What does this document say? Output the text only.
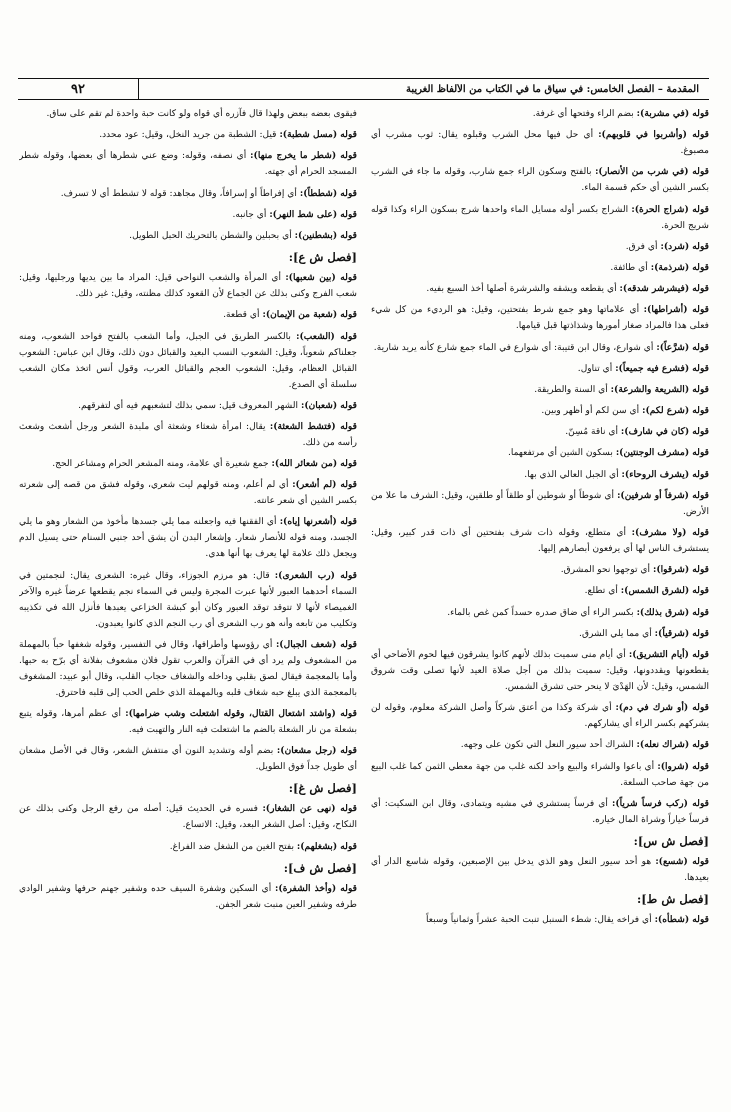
المقدمة – الفصل الخامس: في سياق ما في الكتاب من الألفاظ الغريبة
٩٢

قوله (في مشربة): بضم الراء وفتحها أي غرفة.

قوله (وأشربوا في قلوبهم): أي حل فيها محل الشرب وقبلوه يقال: ثوب مشرب أي مصبوغ.

قوله (في شرب من الأنصار): بالفتح وسكون الراء جمع شارب، وقوله ما جاء في الشرب بكسر الشين أي حكم قسمة الماء.

قوله (شراج الحرة): الشراج بكسر أوله مسايل الماء واحدها شرج بسكون الراء وكذا قوله شريج الحرة.

قوله (شرد): أي فرق.

قوله (شرذمة): أي طائفة.

قوله (فيشرشر شدقه): أي يقطعه ويشقه والشرشرة أصلها أخذ السبع بفيه.

قوله (أشراطها): أي علاماتها وهو جمع شرط بفتحتين، وقيل: هو الرديء من كل شيء فعلى هذا فالمراد صغار أمورها وشذاذتها قبل قيامها.

قوله (شرَّعاً): أي شوارع، وقال ابن قتيبة: أي شوارع في الماء جمع شارع كأنه يريد شارية.

قوله (فشرع فيه جميعاً): أي تناول.

قوله (الشريعة والشرعة): أي السنة والطريقة.

قوله (شرع لكم): أي سن لكم أو أظهر وبين.

قوله (كان في شارف): أي ناقة مُسِنّ.

قوله (مشرف الوجنتين): بسكون الشين أي مرتفعهما.

قوله (يشرف الروحاء): أي الجبل العالي الذي بها.

قوله (شرفاً أو شرفين): أي شوطاً أو شوطين أو طلقاً أو طلقين، وقيل: الشرف ما علا من الأرض.

قوله (ولا مشرف): أي متطلع، وقوله ذات شرف بفتحتين أي ذات قدر كبير، وقيل: يستشرف الناس لها أي يرفعون أبصارهم إليها.

قوله (شرقوا): أي توجهوا نحو المشرق.

قوله (لشرق الشمس): أي تطلع.

قوله (شرق بذلك): بكسر الراء أي ضاق صدره حسداً كمن غص بالماء.

قوله (شرقياً): أي مما يلي الشرق.

قوله (أيام التشريق): أي أيام منى سميت بذلك لأنهم كانوا يشرقون فيها لحوم الأضاحي أي يقطعونها ويقددونها، وقيل: سميت بذلك من أجل صلاة العيد لأنها تصلى وقت شروق الشمس، وقيل: لأن الهَدْيَ لا ينحر حتى تشرق الشمس.

قوله (أو شرك في دم): أي شركة وكذا من أعتق شركاً وأصل الشركة معلوم، وقوله لن يشركهم بكسر الراء أي يشاركهم.

قوله (شراك نعله): الشراك أحد سيور النعل التي تكون على وجهه.

قوله (شروا): أي باعوا والشراء والبيع واحد لكنه غلب من جهة معطي الثمن كما غلب البيع من جهة صاحب السلعة.

قوله (ركب فرساً شرياً): أي فرساً يستشري في مشيه ويتمادى، وقال ابن السكيت: أي فرساً خياراً وشراة المال خياره.

[فصل ش س]:

قوله (شسع): هو أحد سيور النعل وهو الذي يدخل بين الإصبعين، وقوله شاسع الدار أي بعيدها.

[فصل ش ط]:

قوله (شطأه): أي فراخه يقال: شطء السنبل تنبت الحبة عشراً وثمانياً وسبعاً

فيقوى بعضه ببعض ولهذا قال فآزره أي قواه ولو كانت حبة واحدة لم تقم على ساق.

قوله (مسل شطبة): قيل: الشطبة من جريد النخل، وقيل: عود محدد.

قوله (شطر ما يخرج منها): أي نصفه، وقوله: وضع عني شطرها أي بعضها، وقوله شطر المسجد الحرام أي جهته.

قوله (شططاً): أي إفراطاً أو إسرافاً، وقال مجاهد: قوله لا تشطط أي لا تسرف.

قوله (على شط النهر): أي جانبه.

قوله (بشطنين): أي بحبلين والشطن بالتحريك الحبل الطويل.

[فصل ش ع]:

قوله (بين شعبها): أي المرأة والشعب النواحي قيل: المراد ما بين يديها ورجليها، وقيل: شعب الفرج وكنى بذلك عن الجماع لأن القعود كذلك مظنته، وقيل: غير ذلك.

قوله (شعبة من الإيمان): أي قطعة.

قوله (الشعب): بالكسر الطريق في الجبل، وأما الشعب بالفتح فواحد الشعوب، ومنه جعلناكم شعوباً، وقيل: الشعوب النسب البعيد والقبائل دون ذلك، وقال ابن عباس: الشعوب القبائل العظام، وقيل: الشعوب العجم والقبائل العرب، وقول أنس اتخذ مكان الشعب سلسلة أي الصدع.

قوله (شعبان): الشهر المعروف قيل: سمي بذلك لتشعبهم فيه أي لتفرقهم.

قوله (فتشط الشعثة): يقال: امرأة شعثاء وشعثة أي ملبدة الشعر ورجل أشعث وشعث رأسه من ذلك.

قوله (من شعائر الله): جمع شعيرة أي علامة، ومنه المشعر الحرام ومشاعر الحج.

قوله (لم أشعر): أي لم أعلم، ومنه قولهم ليت شعري، وقوله فشق من قصه إلى شعرته بكسر الشين أي شعر عانته.

قوله (أشعرنها إياه): أي الفقنها فيه واجعلنه مما يلي جسدها مأخوذ من الشعار وهو ما يلي الجسد، ومنه قوله للأنصار شعار. وإشعار البدن أن يشق أحد جنبي السنام حتى يسيل الدم ويجعل ذلك علامة لها يعرف بها أنها هدي.

قوله (رب الشعرى): قال: هو مرزم الجوزاء، وقال غيره: الشعرى يقال: لنجمتين في السماء أحدهما العبور لأنها عبرت المجرة وليس في السماء نجم يقطعها عرضاً غيره والآخر الغميصاء لأنها لا تتوقد توقد العبور وكان أبو كبشة الخزاعي يعبدها فأنزل الله في تكذيبه وتكليب من تابعه وأنه هو رب الشعرى أي رب النجم الذي كانوا يعبدون.

قوله (شعف الجبال): أي رؤوسها وأطرافها، وقال في التفسير، وقوله شغفها حباً بالمهملة من المشعوف ولم يرد أي في القرآن والعرب تقول فلان مشعوف بفلانة أي برّح به حبها. وأما بالمعجمة فيقال لصق بقلبي وداخله والشغاف حجاب القلب، وقال أبو عبيد: المشغوف بالمعجمة الذي يبلغ حبه شغاف قلبه وبالمهملة الذي خلص الحب إلى قلبه فاحترق.

قوله (واشتد اشتعال القتال، وقوله اشتعلت وشب ضرامها): أي عظم أمرها، وقوله يتبع بشعلة من نار الشعلة بالضم ما اشتعلت فيه النار والتهبت فيه.

قوله (رجل مشعان): بضم أوله وتشديد النون أي منتفش الشعر، وقال في الأصل مشعان أي طويل جداً فوق الطويل.

[فصل ش غ]:

قوله (نهى عن الشغار): فسره في الحديث قيل: أصله من رفع الرجل وكنى بذلك عن النكاح، وقيل: أصل الشغر البعد، وقيل: الاتساع.

قوله (بشغلهم): بفتح الغين من الشغل ضد الفراغ.

[فصل ش ف]:

قوله (وأخذ الشفرة): أي السكين وشفرة السيف حده وشفير جهنم حرفها وشفير الوادي طرفه وشفير العين منبت شعر الجفن.
